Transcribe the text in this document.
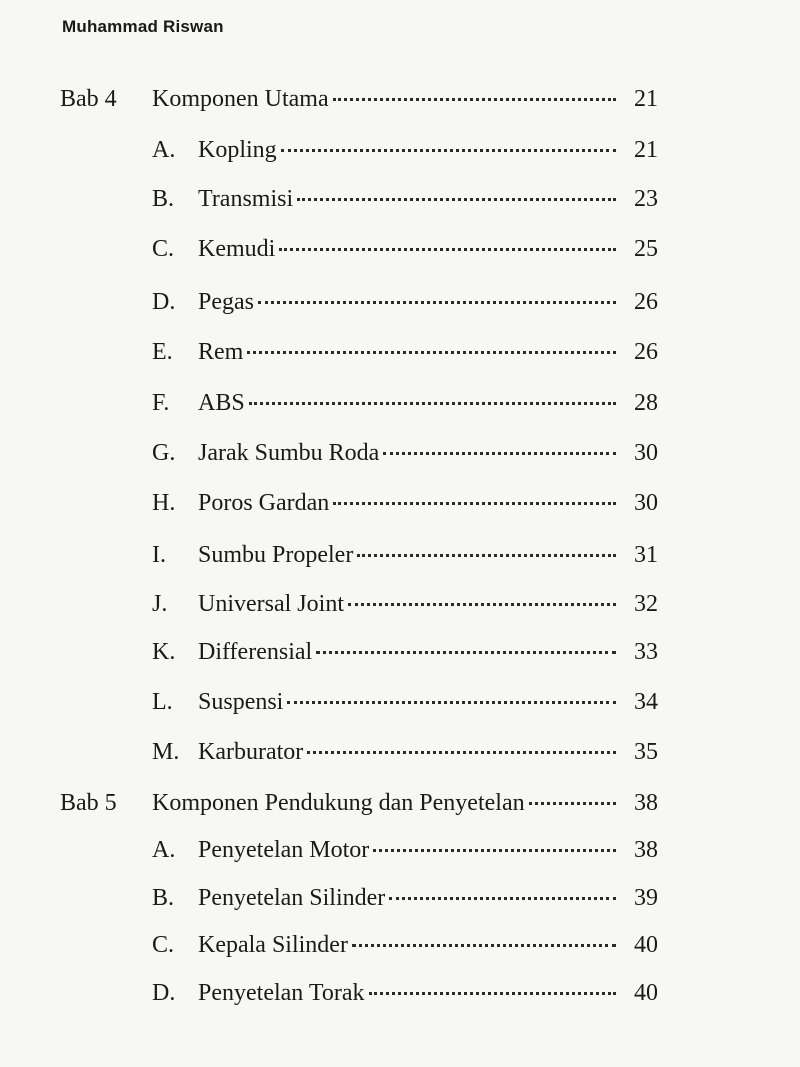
Muhammad Riswan
Bab 4	Komponen Utama	21
A. Kopling	21
B. Transmisi	23
C. Kemudi	25
D. Pegas	26
E.	Rem	26
F.	ABS	28
G. Jarak Sumbu Roda	30
H. Poros Gardan	30
I.	Sumbu Propeler	31
J.	Universal Joint	32
K. Differensial	33
L.	Suspensi	34
M. Karburator	35
Bab 5	Komponen Pendukung dan Penyetelan	38
A. Penyetelan Motor	38
B. Penyetelan Silinder	39
C. Kepala Silinder	40
D. Penyetelan Torak	40
